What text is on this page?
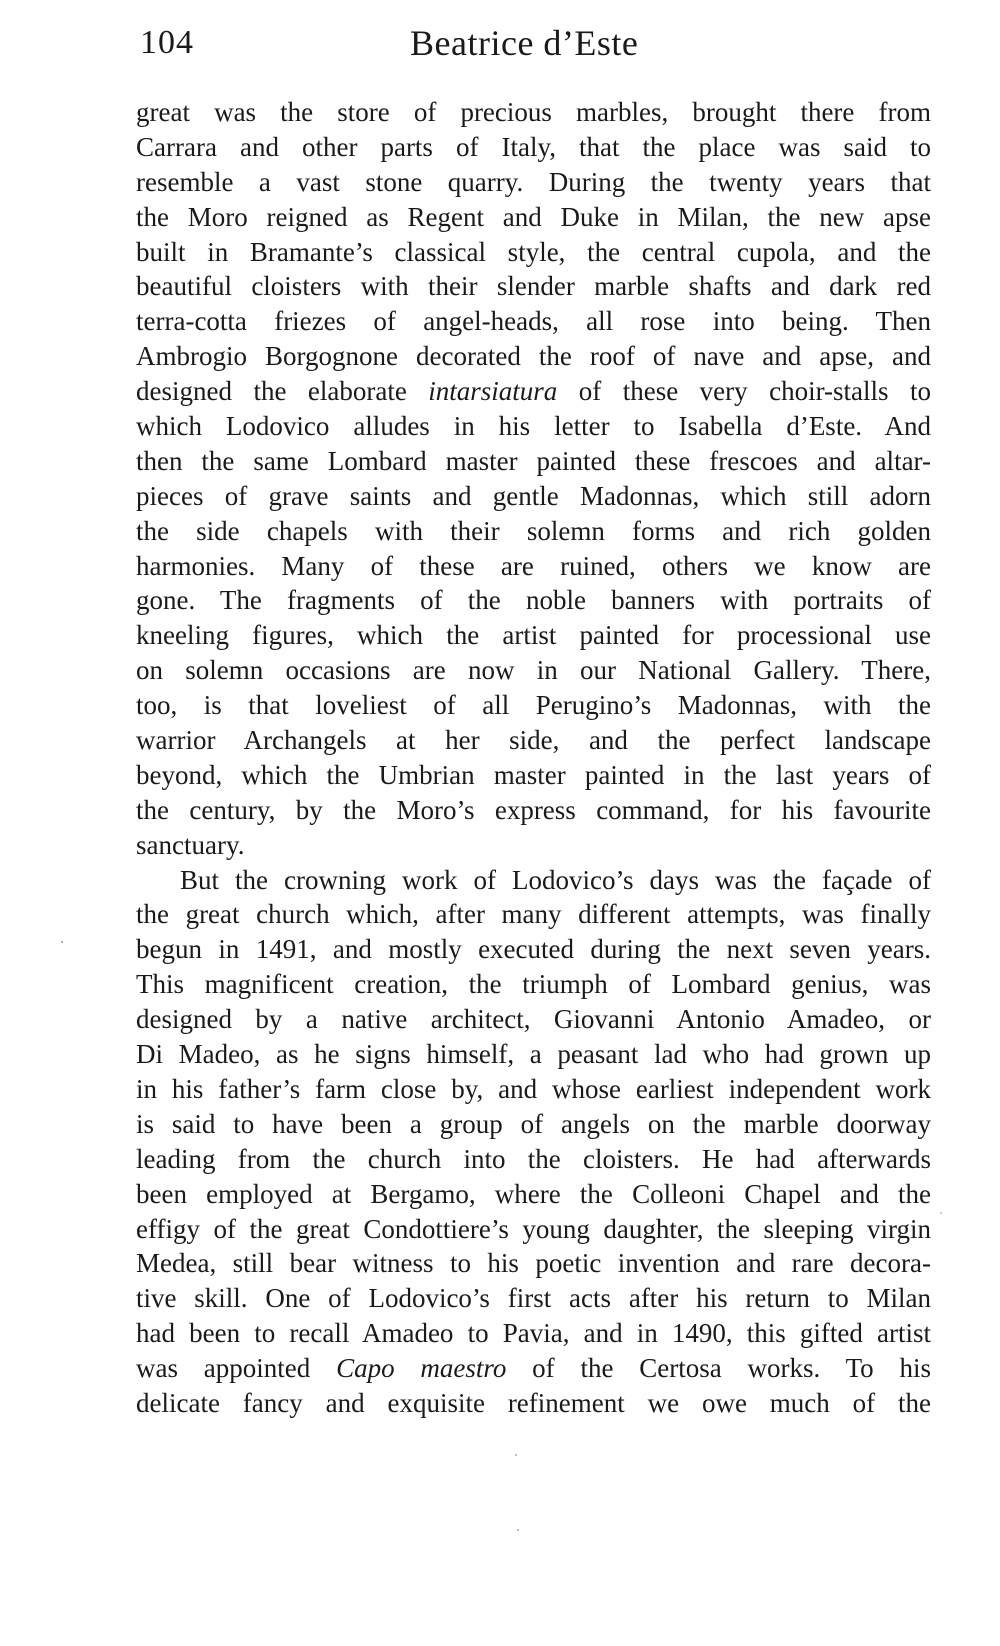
104	Beatrice d’Este
great was the store of precious marbles, brought there from
Carrara and other parts of Italy, that the place was said to
resemble a vast stone quarry. During the twenty years that
the Moro reigned as Regent and Duke in Milan, the new apse
built in Bramante’s classical style, the central cupola, and the
beautiful cloisters with their slender marble shafts and dark red
terra-cotta friezes of angel-heads, all rose into being. Then
Ambrogio Borgognone decorated the roof of nave and apse, and
designed the elaborate intarsiatura of these very choir-stalls to
which Lodovico alludes in his letter to Isabella d’Este. And
then the same Lombard master painted these frescoes and altar-
pieces of grave saints and gentle Madonnas, which still adorn
the side chapels with their solemn forms and rich golden
harmonies. Many of these are ruined, others we know are
gone. The fragments of the noble banners with portraits of
kneeling figures, which the artist painted for processional use
on solemn occasions are now in our National Gallery. There,
too, is that loveliest of all Perugino’s Madonnas, with the
warrior Archangels at her side, and the perfect landscape
beyond, which the Umbrian master painted in the last years of
the century, by the Moro’s express command, for his favourite
sanctuary.
But the crowning work of Lodovico’s days was the façade of
the great church which, after many different attempts, was finally
begun in 1491, and mostly executed during the next seven years.
This magnificent creation, the triumph of Lombard genius, was
designed by a native architect, Giovanni Antonio Amadeo, or
Di Madeo, as he signs himself, a peasant lad who had grown up
in his father’s farm close by, and whose earliest independent work
is said to have been a group of angels on the marble doorway
leading from the church into the cloisters. He had afterwards
been employed at Bergamo, where the Colleoni Chapel and the
effigy of the great Condottiere’s young daughter, the sleeping virgin
Medea, still bear witness to his poetic invention and rare decora-
tive skill. One of Lodovico’s first acts after his return to Milan
had been to recall Amadeo to Pavia, and in 1490, this gifted artist
was appointed Capo maestro of the Certosa works. To his
delicate fancy and exquisite refinement we owe much of the
